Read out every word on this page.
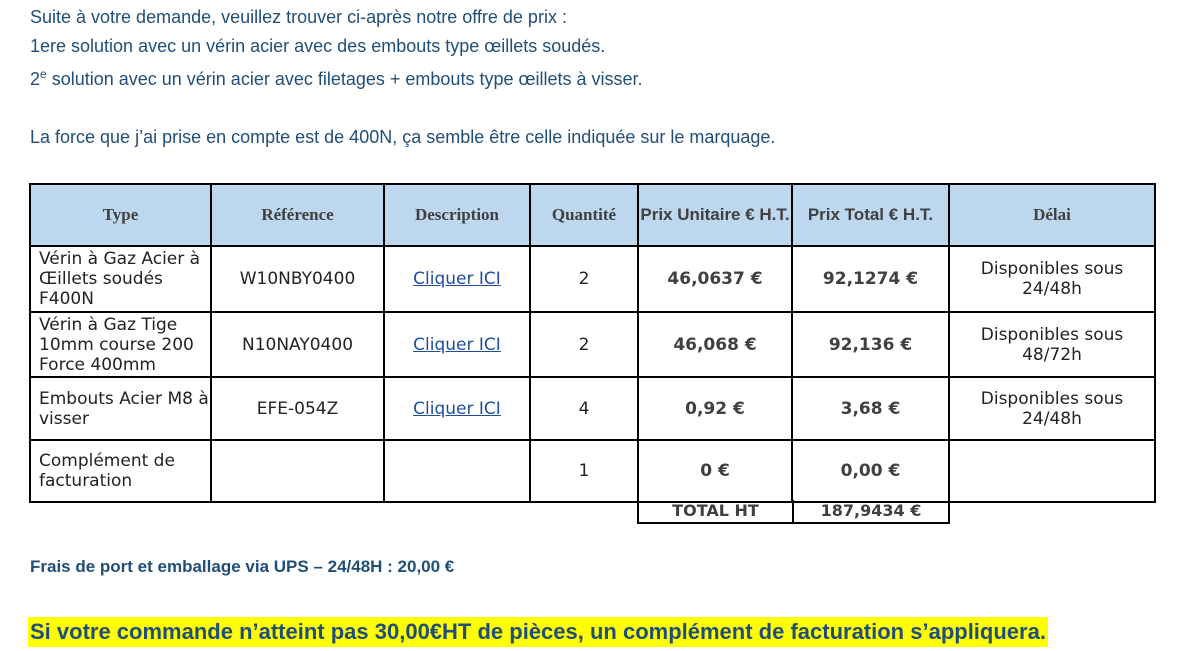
Suite à votre demande, veuillez trouver ci-après notre offre de prix :
1ere solution avec un vérin acier avec des embouts type œillets soudés.
2e solution avec un vérin acier avec filetages + embouts type œillets à visser.
La force que j’ai prise en compte est de 400N, ça semble être celle indiquée sur le marquage.
Type	Référence	Description	Quantité	Prix Unitaire € H.T.	Prix Total € H.T.	Délai
Vérin à Gaz Acier à Œillets soudés F400N	W10NBY0400	Cliquer ICI	2	46,0637 €	92,1274 €	Disponibles sous 24/48h
Vérin à Gaz Tige 10mm course 200 Force 400mm	N10NAY0400	Cliquer ICI	2	46,068 €	92,136 €	Disponibles sous 48/72h
Embouts Acier M8 à visser	EFE-054Z	Cliquer ICI	4	0,92 €	3,68 €	Disponibles sous 24/48h
Complément de facturation			1	0 €	0,00 €	
TOTAL HT	187,9434 €
Frais de port et emballage via UPS – 24/48H : 20,00 €
Si votre commande n’atteint pas 30,00€HT de pièces, un complément de facturation s’appliquera.
